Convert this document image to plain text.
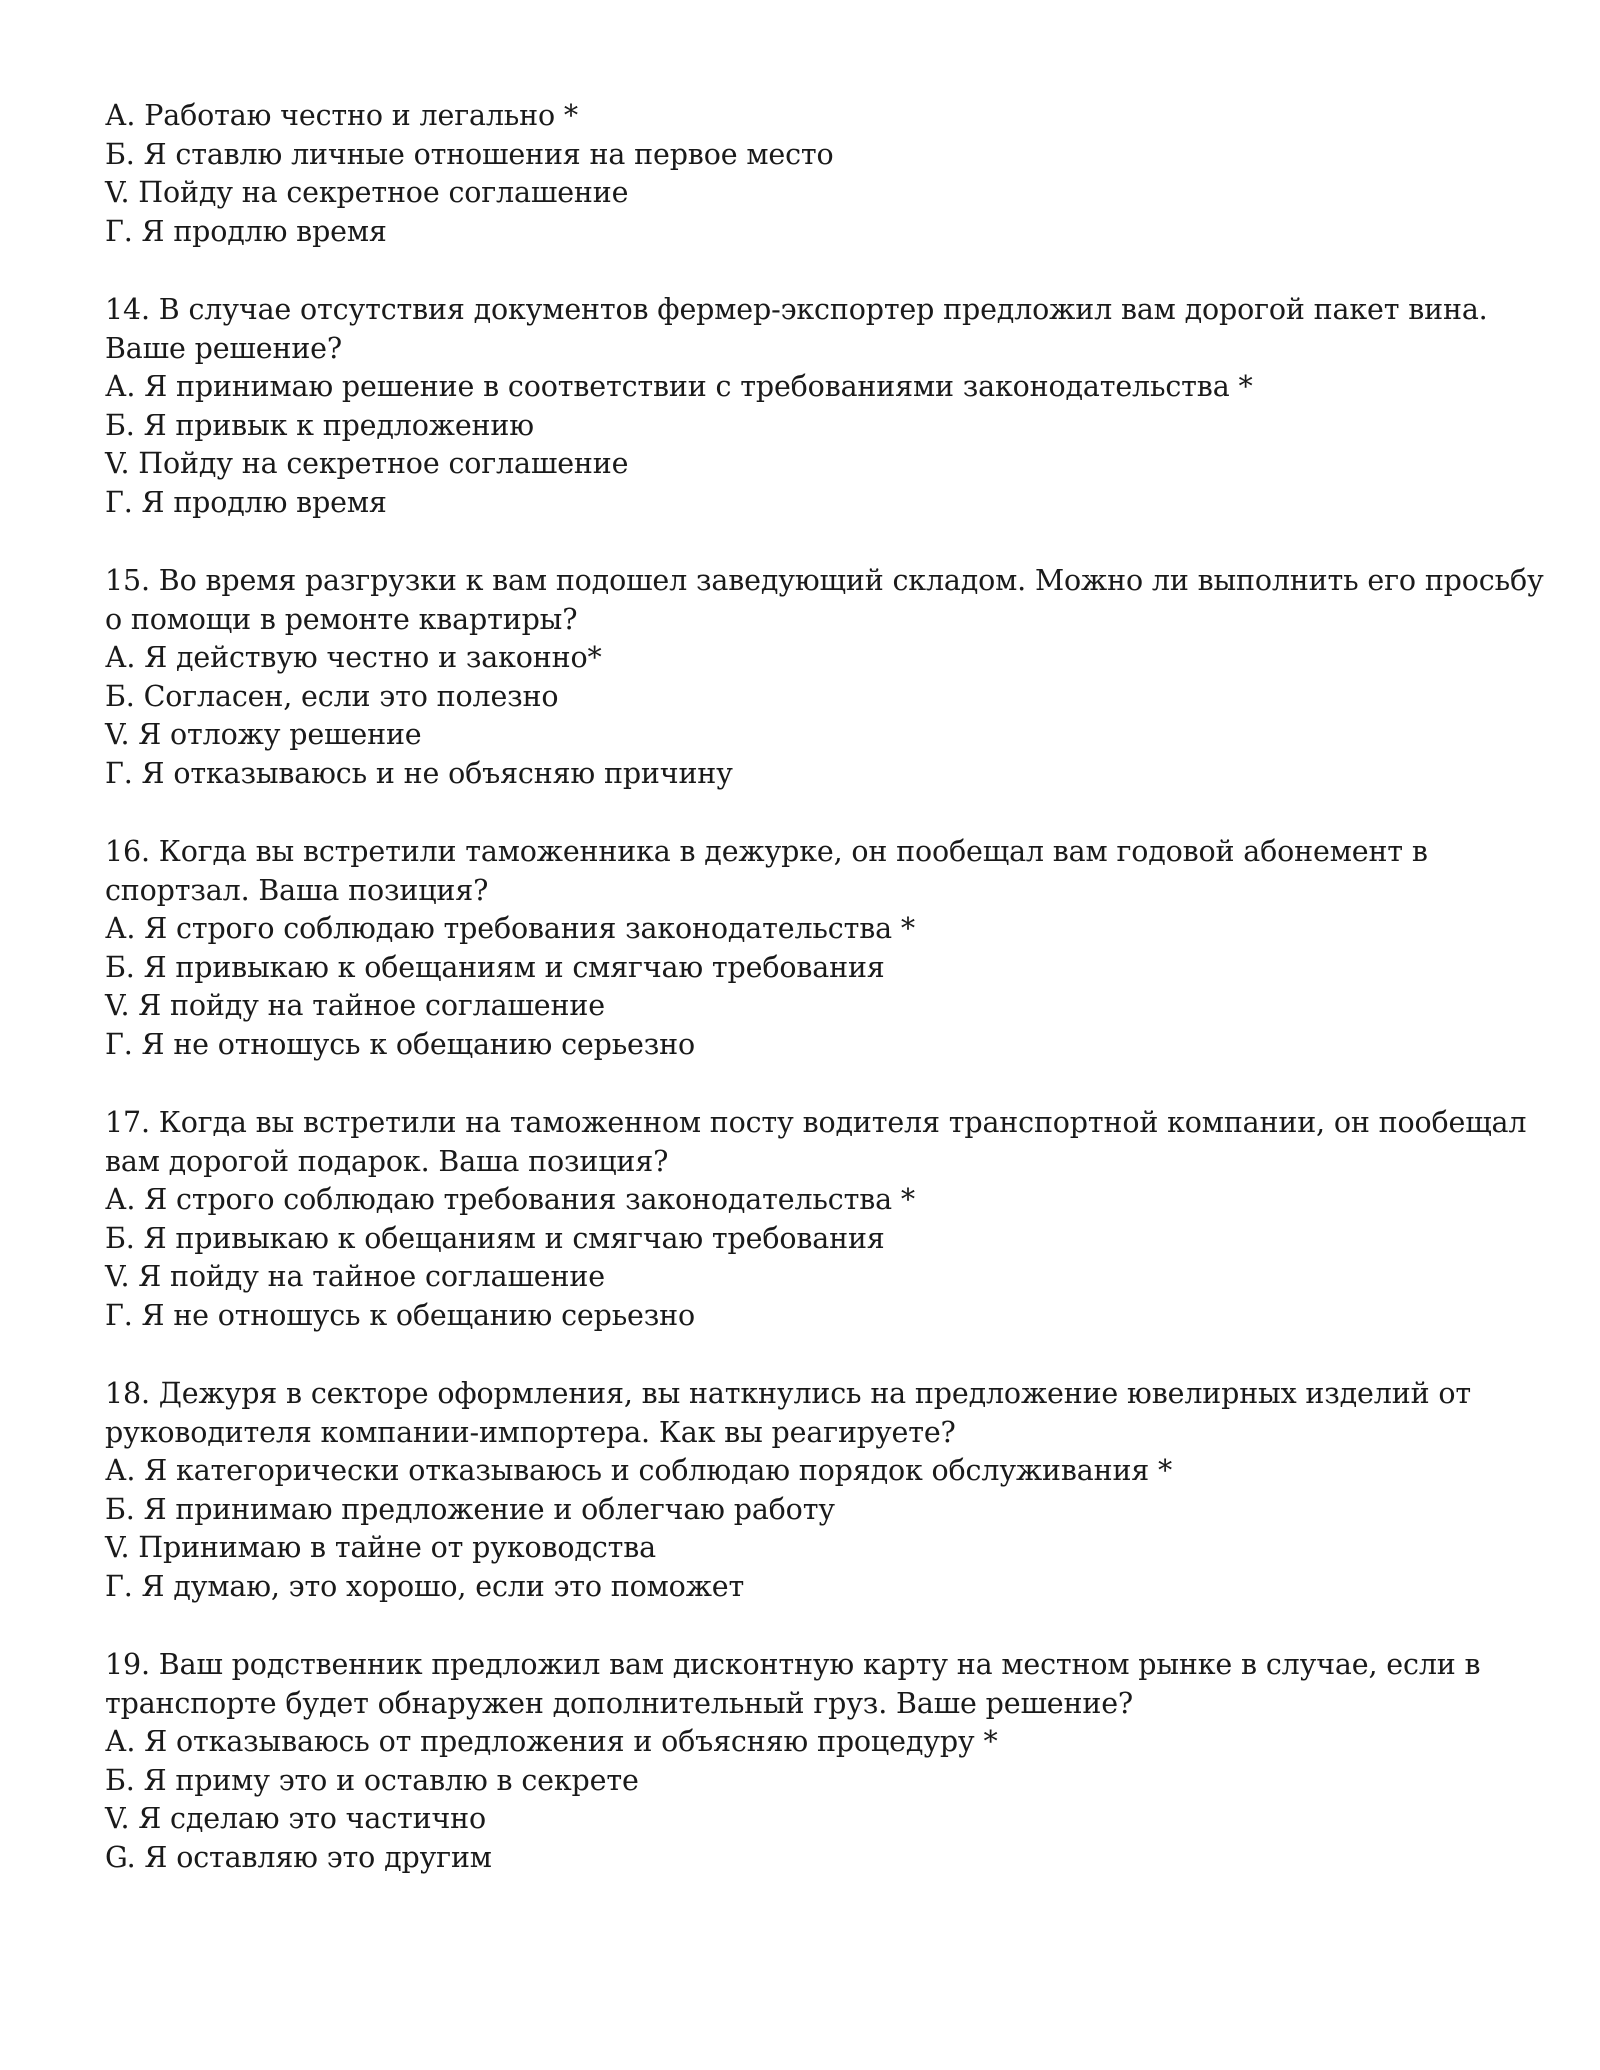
А. Работаю честно и легально *
Б. Я ставлю личные отношения на первое место
V. Пойду на секретное соглашение
Г. Я продлю время
14. В случае отсутствия документов фермер-экспортер предложил вам дорогой пакет вина.
Ваше решение?
А. Я принимаю решение в соответствии с требованиями законодательства *
Б. Я привык к предложению
V. Пойду на секретное соглашение
Г. Я продлю время
15. Во время разгрузки к вам подошел заведующий складом. Можно ли выполнить его просьбу
о помощи в ремонте квартиры?
А. Я действую честно и законно*
Б. Согласен, если это полезно
V. Я отложу решение
Г. Я отказываюсь и не объясняю причину
16. Когда вы встретили таможенника в дежурке, он пообещал вам годовой абонемент в
спортзал. Ваша позиция?
А. Я строго соблюдаю требования законодательства *
Б. Я привыкаю к обещаниям и смягчаю требования
V. Я пойду на тайное соглашение
Г. Я не отношусь к обещанию серьезно
17. Когда вы встретили на таможенном посту водителя транспортной компании, он пообещал
вам дорогой подарок. Ваша позиция?
А. Я строго соблюдаю требования законодательства *
Б. Я привыкаю к обещаниям и смягчаю требования
V. Я пойду на тайное соглашение
Г. Я не отношусь к обещанию серьезно
18. Дежуря в секторе оформления, вы наткнулись на предложение ювелирных изделий от
руководителя компании-импортера. Как вы реагируете?
А. Я категорически отказываюсь и соблюдаю порядок обслуживания *
Б. Я принимаю предложение и облегчаю работу
V. Принимаю в тайне от руководства
Г. Я думаю, это хорошо, если это поможет
19. Ваш родственник предложил вам дисконтную карту на местном рынке в случае, если в
транспорте будет обнаружен дополнительный груз. Ваше решение?
А. Я отказываюсь от предложения и объясняю процедуру *
Б. Я приму это и оставлю в секрете
V. Я сделаю это частично
G. Я оставляю это другим
